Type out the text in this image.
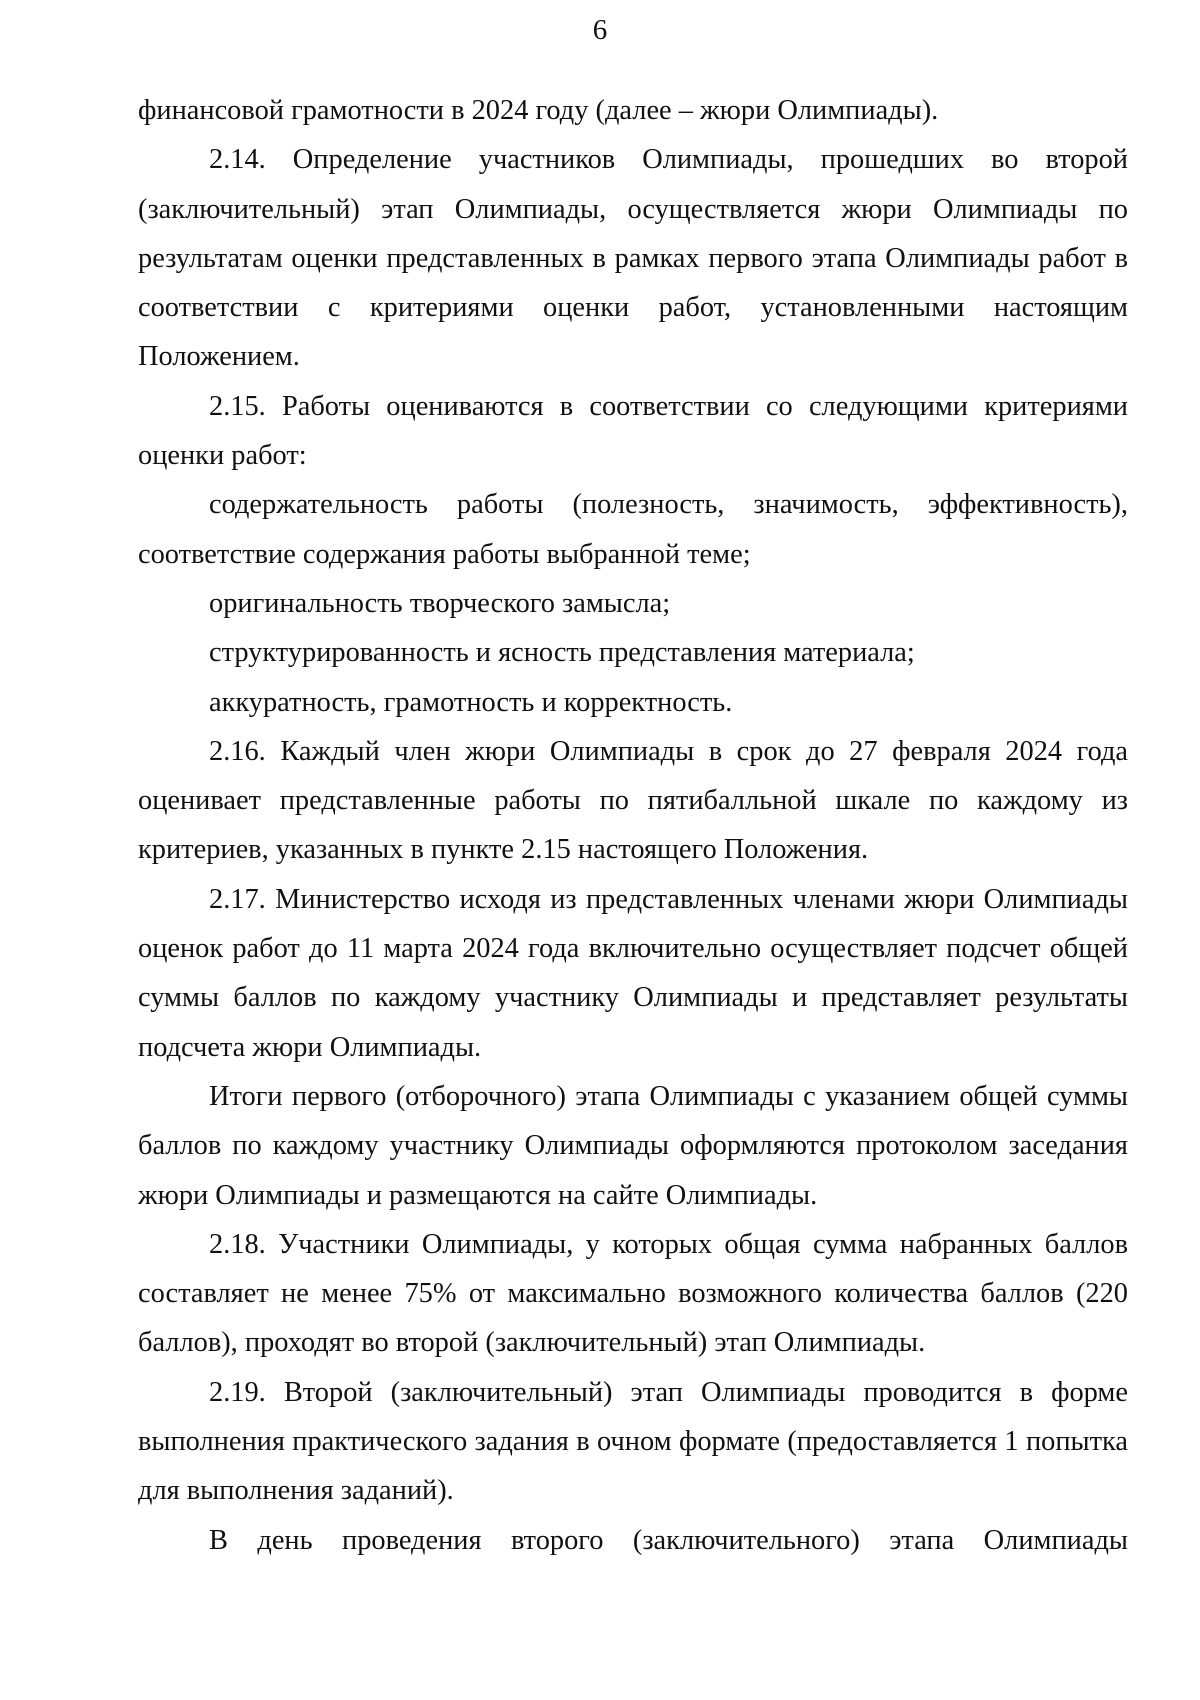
6

финансовой грамотности в 2024 году (далее – жюри Олимпиады).

2.14. Определение участников Олимпиады, прошедших во второй (заключительный) этап Олимпиады, осуществляется жюри Олимпиады по результатам оценки представленных в рамках первого этапа Олимпиады работ в соответствии с критериями оценки работ, установленными настоящим Положением.

2.15. Работы оцениваются в соответствии со следующими критериями оценки работ:

содержательность работы (полезность, значимость, эффективность), соответствие содержания работы выбранной теме;

оригинальность творческого замысла;

структурированность и ясность представления материала;

аккуратность, грамотность и корректность.

2.16. Каждый член жюри Олимпиады в срок до 27 февраля 2024 года оценивает представленные работы по пятибалльной шкале по каждому из критериев, указанных в пункте 2.15 настоящего Положения.

2.17. Министерство исходя из представленных членами жюри Олимпиады оценок работ до 11 марта 2024 года включительно осуществляет подсчет общей суммы баллов по каждому участнику Олимпиады и представляет результаты подсчета жюри Олимпиады.

Итоги первого (отборочного) этапа Олимпиады с указанием общей суммы баллов по каждому участнику Олимпиады оформляются протоколом заседания жюри Олимпиады и размещаются на сайте Олимпиады.

2.18. Участники Олимпиады, у которых общая сумма набранных баллов составляет не менее 75% от максимально возможного количества баллов (220 баллов), проходят во второй (заключительный) этап Олимпиады.

2.19. Второй (заключительный) этап Олимпиады проводится в форме выполнения практического задания в очном формате (предоставляется 1 попытка для выполнения заданий).

В день проведения второго (заключительного) этапа Олимпиады
